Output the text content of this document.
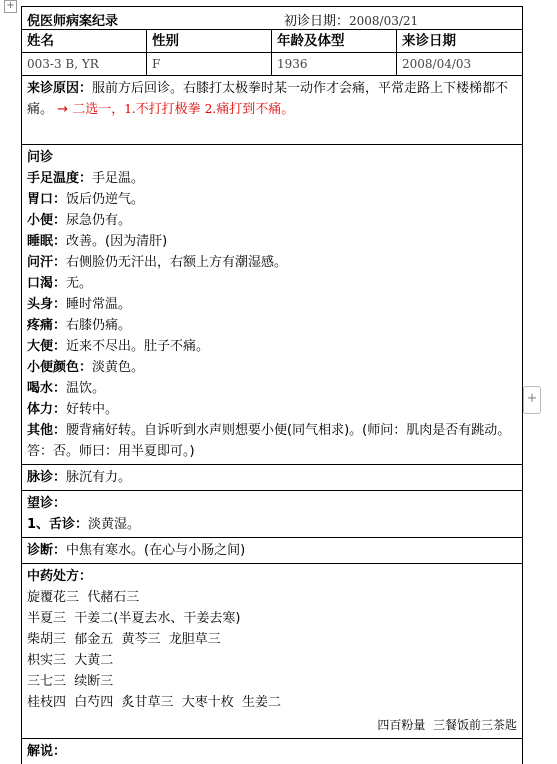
+
+
倪医师病案纪录	初诊日期：2008/03/21
姓名	性别	年龄及体型	来诊日期
003-3 B, YR	F	1936	2008/04/03
来诊原因：服前方后回诊。右膝打太极拳时某一动作才会痛，平常走路上下楼梯都不痛。 → 二选一，1.不打打极拳 2.痛打到不痛。
问诊
手足温度：手足温。
胃口：饭后仍逆气。
小便：尿急仍有。
睡眠：改善。(因为清肝)
问汗：右侧脸仍无汗出，右额上方有潮湿感。
口渴：无。
头身：睡时常温。
疼痛：右膝仍痛。
大便：近来不尽出。肚子不痛。
小便颜色：淡黄色。
喝水：温饮。
体力：好转中。
其他：腰背痛好转。自诉听到水声则想要小便(同气相求)。(师问：肌肉是否有跳动。答：否。师曰：用半夏即可。)
脉诊：脉沉有力。
望诊：
1、舌诊：淡黄湿。
诊断：中焦有寒水。(在心与小肠之间)
中药处方：
旋覆花三  代赭石三
半夏三  干姜二(半夏去水、干姜去寒)
柴胡三  郁金五  黄芩三  龙胆草三
枳实三  大黄二
三七三  续断三
桂枝四  白芍四  炙甘草三  大枣十枚  生姜二
四百粉量  三餐饭前三茶匙
解说：
